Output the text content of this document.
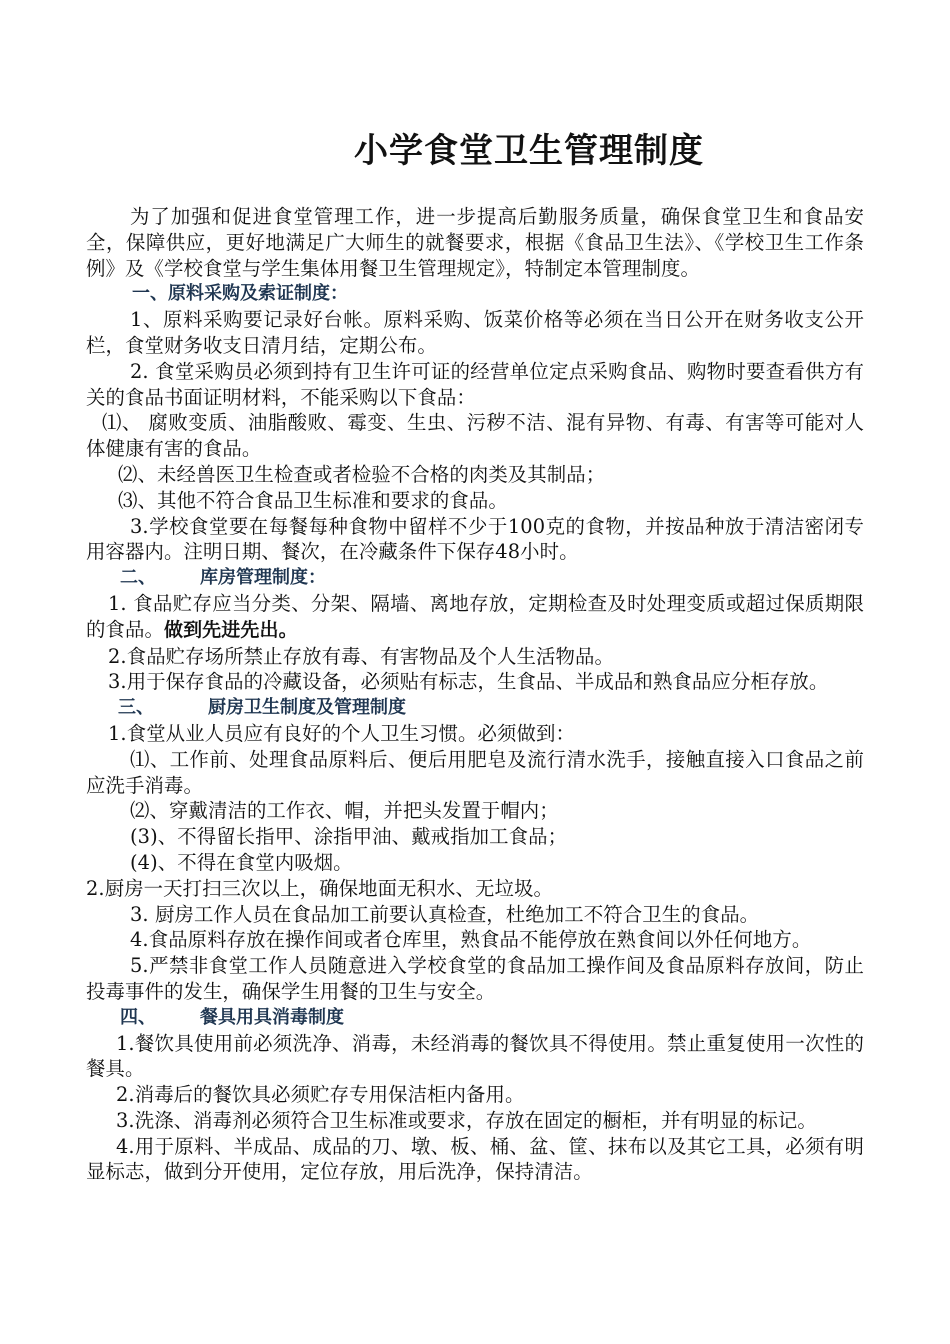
小学食堂卫生管理制度

为了加强和促进食堂管理工作，进一步提高后勤服务质量，确保食堂卫生和食品安全，保障供应，更好地满足广大师生的就餐要求，根据《食品卫生法》、《学校卫生工作条例》及《学校食堂与学生集体用餐卫生管理规定》，特制定本管理制度。

一、原料采购及索证制度：

1、原料采购要记录好台帐。原料采购、饭菜价格等必须在当日公开在财务收支公开栏，食堂财务收支日清月结，定期公布。

2. 食堂采购员必须到持有卫生许可证的经营单位定点采购食品、购物时要查看供方有关的食品书面证明材料，不能采购以下食品：

⑴、 腐败变质、油脂酸败、霉变、生虫、污秽不洁、混有异物、有毒、有害等可能对人体健康有害的食品。

⑵、未经兽医卫生检查或者检验不合格的肉类及其制品；

⑶、其他不符合食品卫生标准和要求的食品。

3.学校食堂要在每餐每种食物中留样不少于100克的食物，并按品种放于清洁密闭专用容器内。注明日期、餐次，在冷藏条件下保存48小时。

二、 库房管理制度：

1. 食品贮存应当分类、分架、隔墙、离地存放，定期检查及时处理变质或超过保质期限的食品。做到先进先出。

2.食品贮存场所禁止存放有毒、有害物品及个人生活物品。

3.用于保存食品的冷藏设备，必须贴有标志，生食品、半成品和熟食品应分柜存放。

三、	厨房卫生制度及管理制度

1.食堂从业人员应有良好的个人卫生习惯。必须做到：

⑴、工作前、处理食品原料后、便后用肥皂及流行清水洗手，接触直接入口食品之前应洗手消毒。

⑵、穿戴清洁的工作衣、帽，并把头发置于帽内；

(3)、不得留长指甲、涂指甲油、戴戒指加工食品；

(4)、不得在食堂内吸烟。

2.厨房一天打扫三次以上，确保地面无积水、无垃圾。

3. 厨房工作人员在食品加工前要认真检查，杜绝加工不符合卫生的食品。

4.食品原料存放在操作间或者仓库里，熟食品不能停放在熟食间以外任何地方。

5.严禁非食堂工作人员随意进入学校食堂的食品加工操作间及食品原料存放间，防止投毒事件的发生，确保学生用餐的卫生与安全。

四、 餐具用具消毒制度

1.餐饮具使用前必须洗净、消毒，未经消毒的餐饮具不得使用。禁止重复使用一次性的餐具。

2.消毒后的餐饮具必须贮存专用保洁柜内备用。

3.洗涤、消毒剂必须符合卫生标准或要求，存放在固定的橱柜，并有明显的标记。

4.用于原料、半成品、成品的刀、墩、板、桶、盆、筐、抹布以及其它工具，必须有明显标志，做到分开使用，定位存放，用后洗净，保持清洁。
